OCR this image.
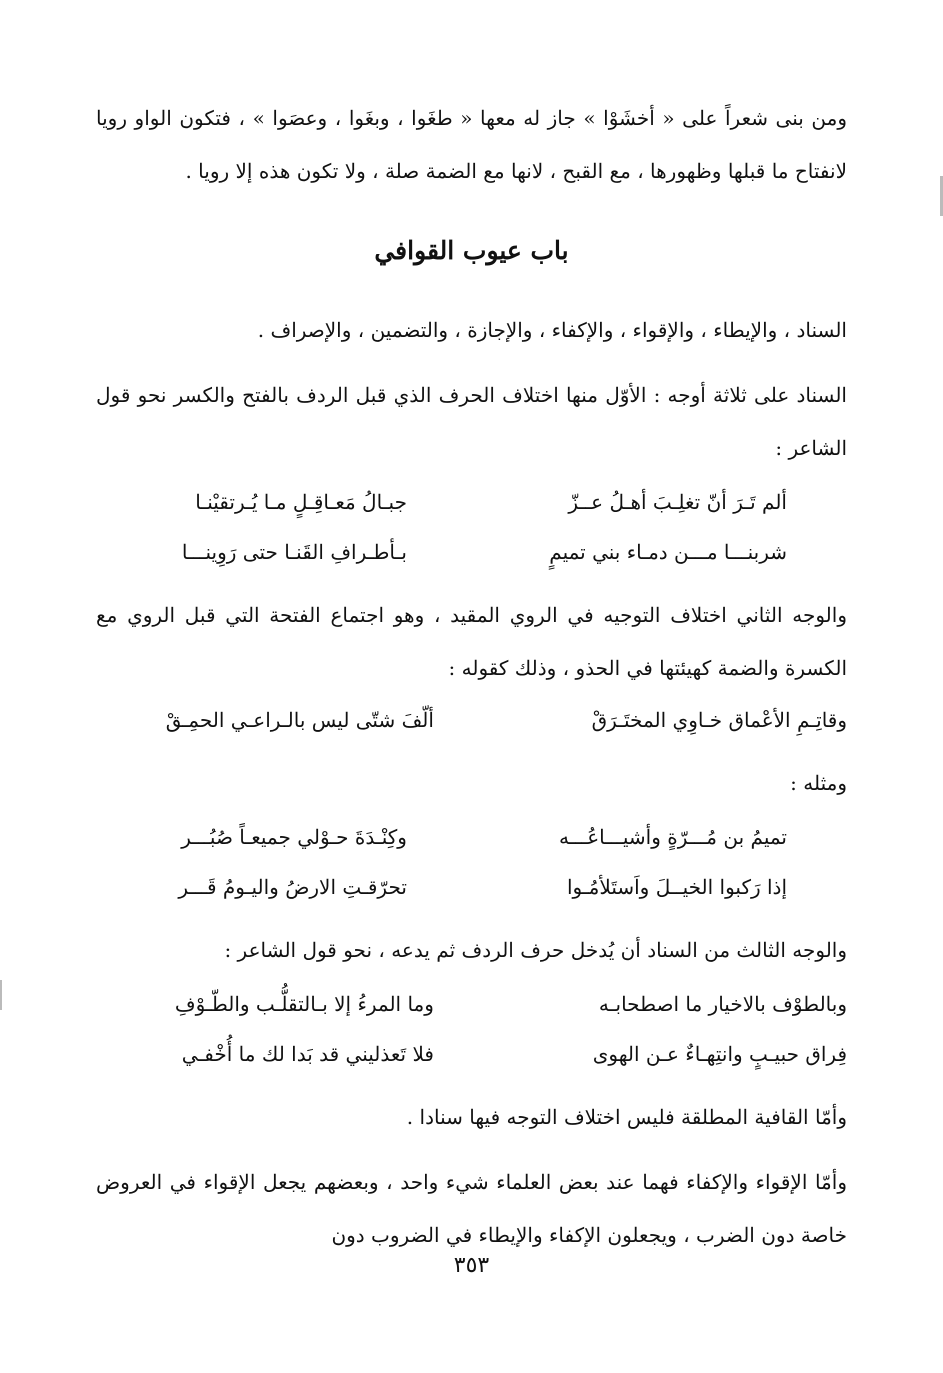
ومن بنى شعراً على « أخشَوْا » جاز له معها « طغَوا ، وبغَوا ، وعصَوا » ، فتكون الواو رويا لانفتاح ما قبلها وظهورها ، مع القبح ، لانها مع الضمة صلة ، ولا تكون هذه إلا رويا .

باب عيوب القوافي

السناد ، والإيطاء ، والإقواء ، والإكفاء ، والإجازة ، والتضمين ، والإصراف .

السناد على ثلاثة أوجه : الأوّل منها اختلاف الحرف الذي قبل الردف بالفتح والكسر نحو قول الشاعر :

ألم تَـرَ أنّ تغلِـبَ أهـلُ عــزّ
جبـالُ مَعـاقِـلٍ مـا يُـرتقيْنـا
شربنـــا مـــن دمـاء بني تميمٍ
بـأطـرافِ القَنـا حتى رَوِينـــا

والوجه الثاني اختلاف التوجيه في الروي المقيد ، وهو اجتماع الفتحة التي قبل الروي مع الكسرة والضمة كهيئتها في الحذو ، وذلك كقوله :

وقاتِـمِ الأعْماق خـاوِي المختَـرَقْ
ألّفَ شتّى ليس بالـراعـي الحمِـقْ

ومثله :

تميمُ بن مُـــرّةٍ وأشيـــاعُـــه
وكِنْـدَةَ حـوْلي جميعـاً صُبُـــر
إذا رَكبوا الخيــلَ واَستَلأمُـوا
تحرّقـتِ الارضُ واليـومُ قَـــر

والوجه الثالث من السناد أن يُدخل حرف الردف ثم يدعه ، نحو قول الشاعر :

وبالطوْف بالاخيار ما اصطحابـه
وما المرءُ إلا بـالتقلُّـب والطّـوْفِ
فِراق حبيـبٍ وانتِهـاءٌ عـن الهوى
فلا تَعذليني قد بَدا لك ما أُخْفـي

وأمّا القافية المطلقة فليس اختلاف التوجه فيها سنادا .

وأمّا الإقواء والإكفاء فهما عند بعض العلماء شيء واحد ، وبعضهم يجعل الإقواء في العروض خاصة دون الضرب ، ويجعلون الإكفاء والإيطاء في الضروب دون

٣٥٣
